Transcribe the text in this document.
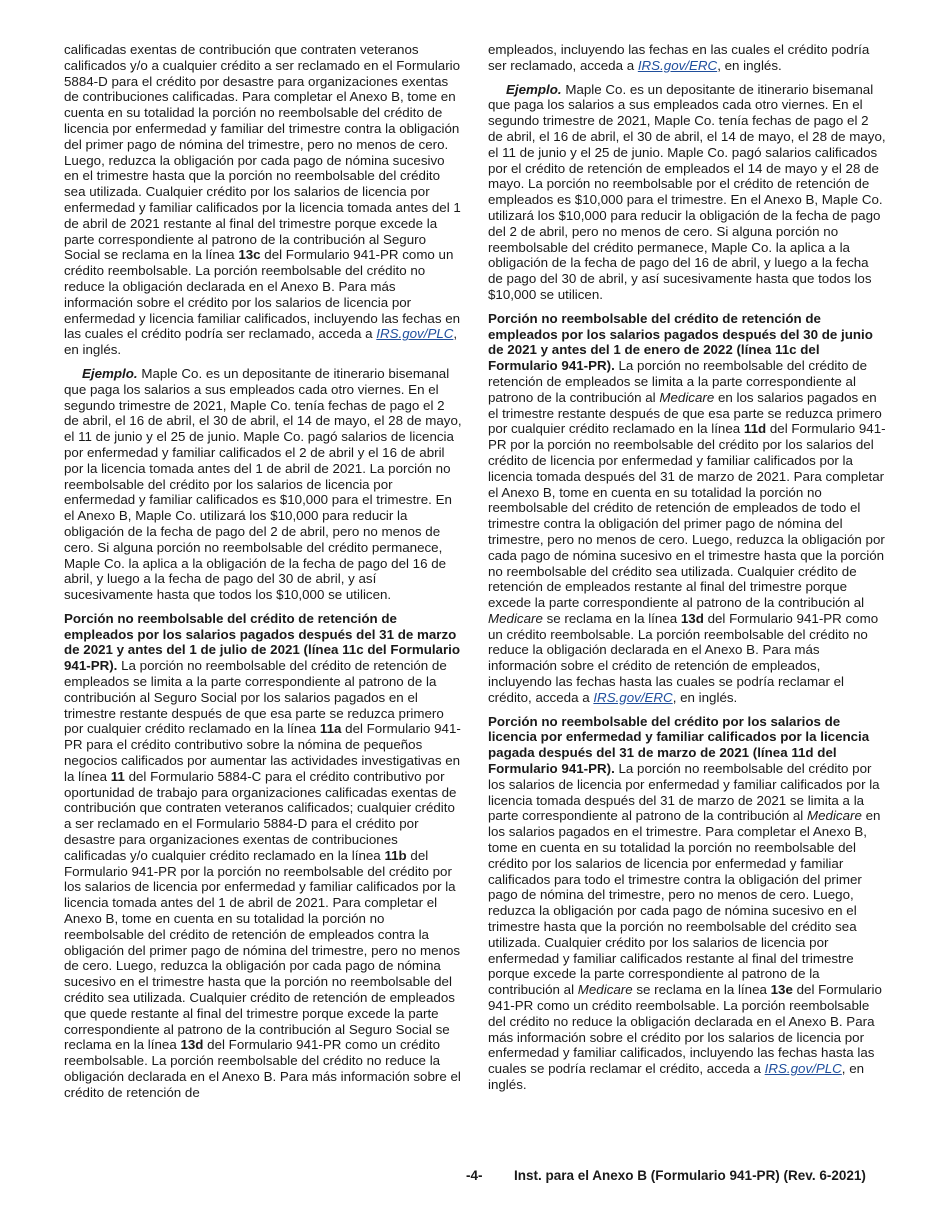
calificadas exentas de contribución que contraten veteranos calificados y/o a cualquier crédito a ser reclamado en el Formulario 5884-D para el crédito por desastre para organizaciones exentas de contribuciones calificadas. Para completar el Anexo B, tome en cuenta en su totalidad la porción no reembolsable del crédito de licencia por enfermedad y familiar del trimestre contra la obligación del primer pago de nómina del trimestre, pero no menos de cero. Luego, reduzca la obligación por cada pago de nómina sucesivo en el trimestre hasta que la porción no reembolsable del crédito sea utilizada. Cualquier crédito por los salarios de licencia por enfermedad y familiar calificados por la licencia tomada antes del 1 de abril de 2021 restante al final del trimestre porque excede la parte correspondiente al patrono de la contribución al Seguro Social se reclama en la línea 13c del Formulario 941-PR como un crédito reembolsable. La porción reembolsable del crédito no reduce la obligación declarada en el Anexo B. Para más información sobre el crédito por los salarios de licencia por enfermedad y licencia familiar calificados, incluyendo las fechas en las cuales el crédito podría ser reclamado, acceda a IRS.gov/PLC, en inglés.

Ejemplo. Maple Co. es un depositante de itinerario bisemanal que paga los salarios a sus empleados cada otro viernes. En el segundo trimestre de 2021, Maple Co. tenía fechas de pago el 2 de abril, el 16 de abril, el 30 de abril, el 14 de mayo, el 28 de mayo, el 11 de junio y el 25 de junio. Maple Co. pagó salarios de licencia por enfermedad y familiar calificados el 2 de abril y el 16 de abril por la licencia tomada antes del 1 de abril de 2021. La porción no reembolsable del crédito por los salarios de licencia por enfermedad y familiar calificados es $10,000 para el trimestre. En el Anexo B, Maple Co. utilizará los $10,000 para reducir la obligación de la fecha de pago del 2 de abril, pero no menos de cero. Si alguna porción no reembolsable del crédito permanece, Maple Co. la aplica a la obligación de la fecha de pago del 16 de abril, y luego a la fecha de pago del 30 de abril, y así sucesivamente hasta que todos los $10,000 se utilicen.

Porción no reembolsable del crédito de retención de empleados por los salarios pagados después del 31 de marzo de 2021 y antes del 1 de julio de 2021 (línea 11c del Formulario 941-PR). La porción no reembolsable del crédito de retención de empleados se limita a la parte correspondiente al patrono de la contribución al Seguro Social por los salarios pagados en el trimestre restante después de que esa parte se reduzca primero por cualquier crédito reclamado en la línea 11a del Formulario 941-PR para el crédito contributivo sobre la nómina de pequeños negocios calificados por aumentar las actividades investigativas en la línea 11 del Formulario 5884-C para el crédito contributivo por oportunidad de trabajo para organizaciones calificadas exentas de contribución que contraten veteranos calificados; cualquier crédito a ser reclamado en el Formulario 5884-D para el crédito por desastre para organizaciones exentas de contribuciones calificadas y/o cualquier crédito reclamado en la línea 11b del Formulario 941-PR por la porción no reembolsable del crédito por los salarios de licencia por enfermedad y familiar calificados por la licencia tomada antes del 1 de abril de 2021. Para completar el Anexo B, tome en cuenta en su totalidad la porción no reembolsable del crédito de retención de empleados contra la obligación del primer pago de nómina del trimestre, pero no menos de cero. Luego, reduzca la obligación por cada pago de nómina sucesivo en el trimestre hasta que la porción no reembolsable del crédito sea utilizada. Cualquier crédito de retención de empleados que quede restante al final del trimestre porque excede la parte correspondiente al patrono de la contribución al Seguro Social se reclama en la línea 13d del Formulario 941-PR como un crédito reembolsable. La porción reembolsable del crédito no reduce la obligación declarada en el Anexo B. Para más información sobre el crédito de retención de

empleados, incluyendo las fechas en las cuales el crédito podría ser reclamado, acceda a IRS.gov/ERC, en inglés.

Ejemplo. Maple Co. es un depositante de itinerario bisemanal que paga los salarios a sus empleados cada otro viernes. En el segundo trimestre de 2021, Maple Co. tenía fechas de pago el 2 de abril, el 16 de abril, el 30 de abril, el 14 de mayo, el 28 de mayo, el 11 de junio y el 25 de junio. Maple Co. pagó salarios calificados por el crédito de retención de empleados el 14 de mayo y el 28 de mayo. La porción no reembolsable por el crédito de retención de empleados es $10,000 para el trimestre. En el Anexo B, Maple Co. utilizará los $10,000 para reducir la obligación de la fecha de pago del 2 de abril, pero no menos de cero. Si alguna porción no reembolsable del crédito permanece, Maple Co. la aplica a la obligación de la fecha de pago del 16 de abril, y luego a la fecha de pago del 30 de abril, y así sucesivamente hasta que todos los $10,000 se utilicen.

Porción no reembolsable del crédito de retención de empleados por los salarios pagados después del 30 de junio de 2021 y antes del 1 de enero de 2022 (línea 11c del Formulario 941-PR). La porción no reembolsable del crédito de retención de empleados se limita a la parte correspondiente al patrono de la contribución al Medicare en los salarios pagados en el trimestre restante después de que esa parte se reduzca primero por cualquier crédito reclamado en la línea 11d del Formulario 941-PR por la porción no reembolsable del crédito por los salarios del crédito de licencia por enfermedad y familiar calificados por la licencia tomada después del 31 de marzo de 2021. Para completar el Anexo B, tome en cuenta en su totalidad la porción no reembolsable del crédito de retención de empleados de todo el trimestre contra la obligación del primer pago de nómina del trimestre, pero no menos de cero. Luego, reduzca la obligación por cada pago de nómina sucesivo en el trimestre hasta que la porción no reembolsable del crédito sea utilizada. Cualquier crédito de retención de empleados restante al final del trimestre porque excede la parte correspondiente al patrono de la contribución al Medicare se reclama en la línea 13d del Formulario 941-PR como un crédito reembolsable. La porción reembolsable del crédito no reduce la obligación declarada en el Anexo B. Para más información sobre el crédito de retención de empleados, incluyendo las fechas hasta las cuales se podría reclamar el crédito, acceda a IRS.gov/ERC, en inglés.

Porción no reembolsable del crédito por los salarios de licencia por enfermedad y familiar calificados por la licencia pagada después del 31 de marzo de 2021 (línea 11d del Formulario 941-PR). La porción no reembolsable del crédito por los salarios de licencia por enfermedad y familiar calificados por la licencia tomada después del 31 de marzo de 2021 se limita a la parte correspondiente al patrono de la contribución al Medicare en los salarios pagados en el trimestre. Para completar el Anexo B, tome en cuenta en su totalidad la porción no reembolsable del crédito por los salarios de licencia por enfermedad y familiar calificados para todo el trimestre contra la obligación del primer pago de nómina del trimestre, pero no menos de cero. Luego, reduzca la obligación por cada pago de nómina sucesivo en el trimestre hasta que la porción no reembolsable del crédito sea utilizada. Cualquier crédito por los salarios de licencia por enfermedad y familiar calificados restante al final del trimestre porque excede la parte correspondiente al patrono de la contribución al Medicare se reclama en la línea 13e del Formulario 941-PR como un crédito reembolsable. La porción reembolsable del crédito no reduce la obligación declarada en el Anexo B. Para más información sobre el crédito por los salarios de licencia por enfermedad y familiar calificados, incluyendo las fechas hasta las cuales se podría reclamar el crédito, acceda a IRS.gov/PLC, en inglés.

-4- Inst. para el Anexo B (Formulario 941-PR) (Rev. 6-2021)
